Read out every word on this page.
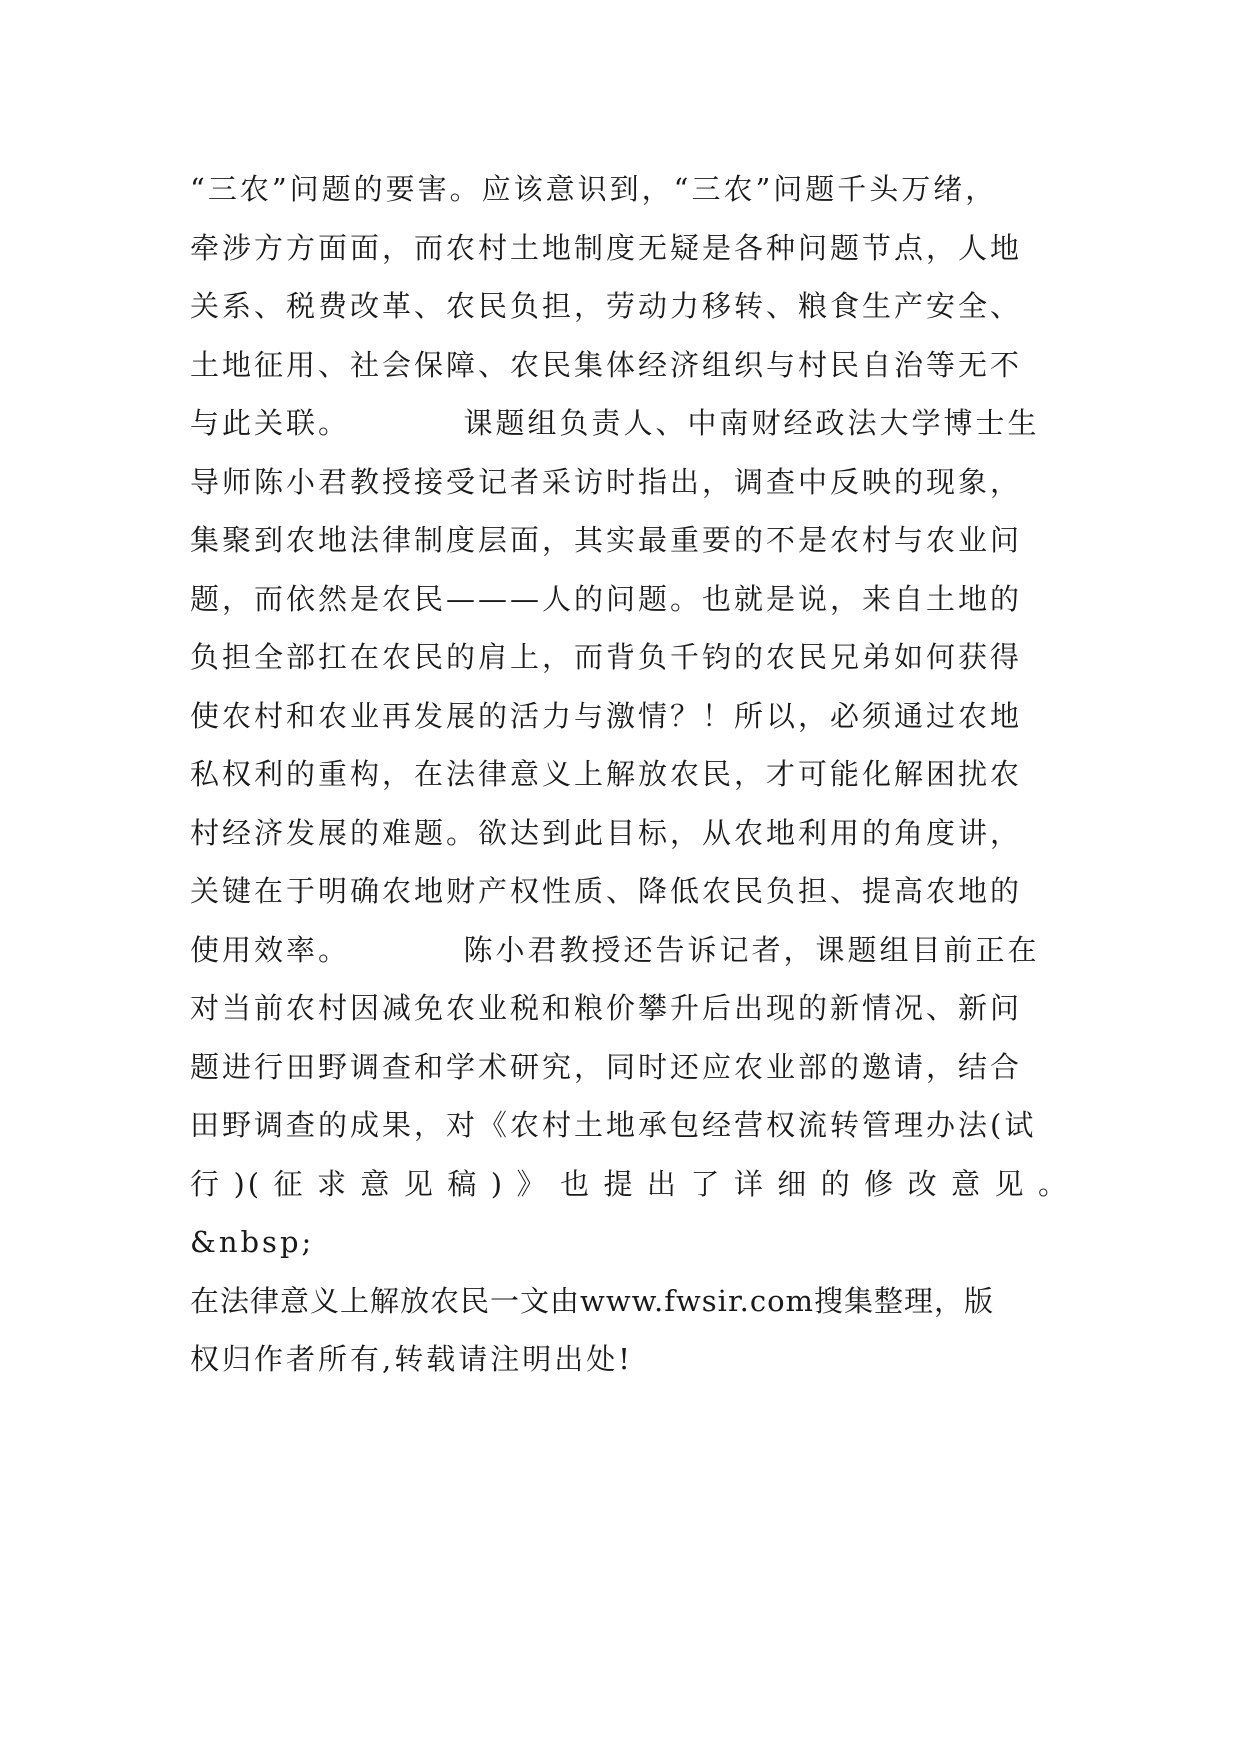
“三农”问题的要害。应该意识到，“三农”问题千头万绪，
牵涉方方面面，而农村土地制度无疑是各种问题节点，人地
关系、税费改革、农民负担，劳动力移转、粮食生产安全、
土地征用、社会保障、农民集体经济组织与村民自治等无不
与此关联。　　　　课题组负责人、中南财经政法大学博士生
导师陈小君教授接受记者采访时指出，调查中反映的现象，
集聚到农地法律制度层面，其实最重要的不是农村与农业问
题，而依然是农民———人的问题。也就是说，来自土地的
负担全部扛在农民的肩上，而背负千钧的农民兄弟如何获得
使农村和农业再发展的活力与激情？！所以，必须通过农地
私权利的重构，在法律意义上解放农民，才可能化解困扰农
村经济发展的难题。欲达到此目标，从农地利用的角度讲，
关键在于明确农地财产权性质、降低农民负担、提高农地的
使用效率。　　　　陈小君教授还告诉记者，课题组目前正在
对当前农村因减免农业税和粮价攀升后出现的新情况、新问
题进行田野调查和学术研究，同时还应农业部的邀请，结合
田野调查的成果，对《农村土地承包经营权流转管理办法(试
行)(征求意见稿)》也提出了详细的修改意见。
&nbsp;
在法律意义上解放农民一文由www.fwsir.com搜集整理，版
权归作者所有,转载请注明出处!
